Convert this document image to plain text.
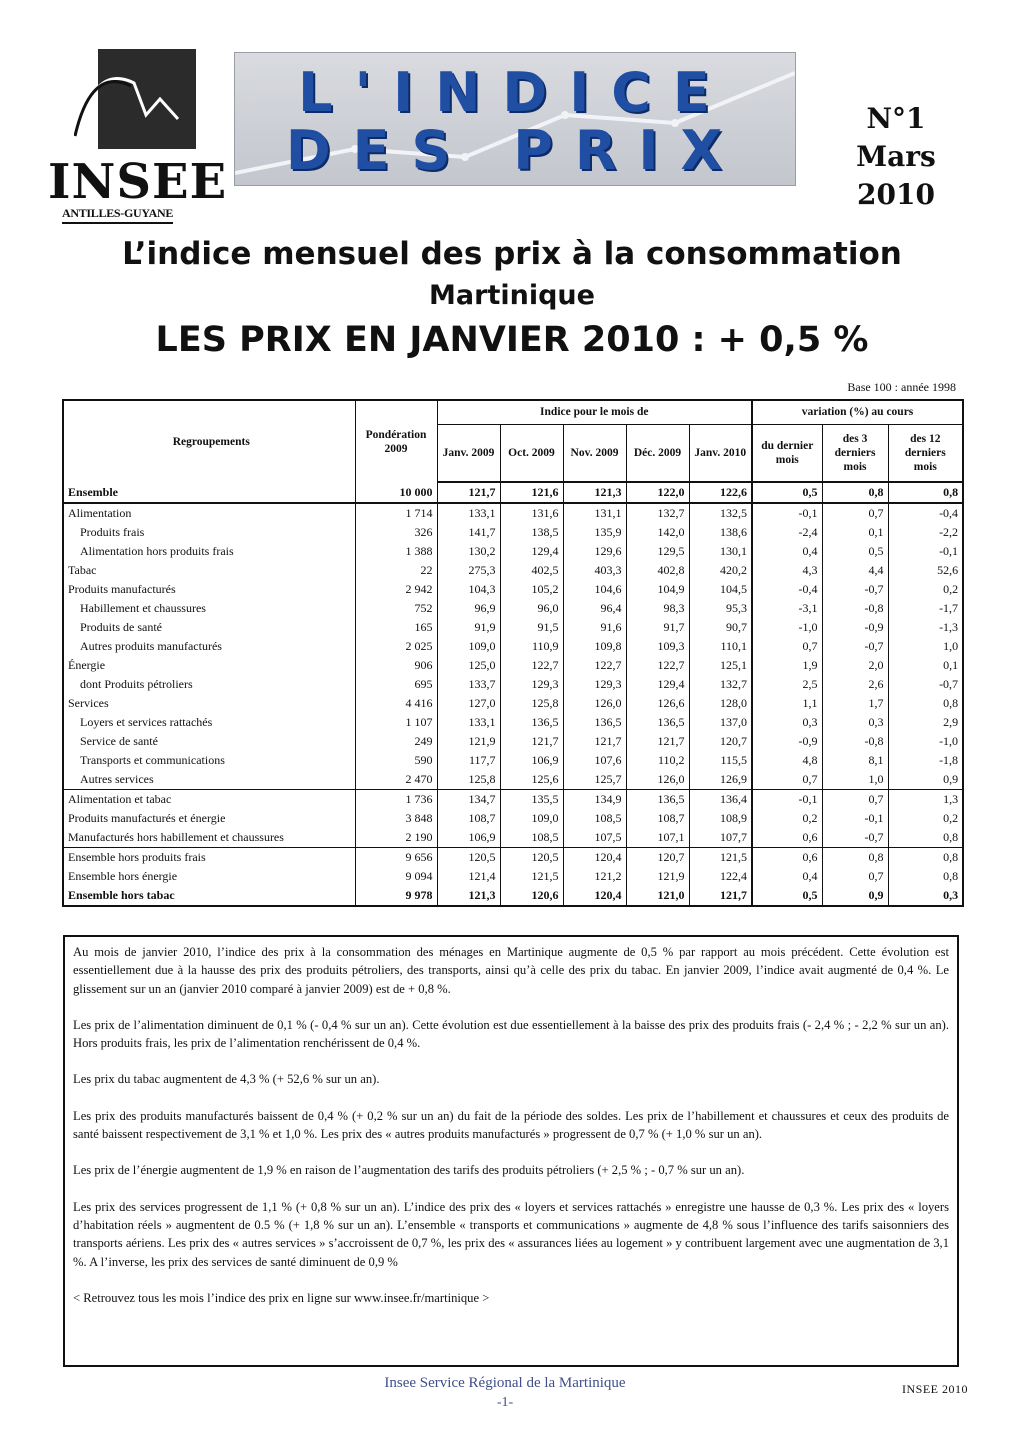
INSEE
ANTILLES-GUYANE
L'INDICE
DES PRIX
N°1
Mars
2010
L’indice mensuel des prix à la consommation
Martinique
LES PRIX EN JANVIER 2010 : + 0,5 %
Base 100 : année 1998
Regroupements	Pondération 2009	Indice pour le mois de					variation (%) au cours		
		Janv. 2009	Oct. 2009	Nov. 2009	Déc. 2009	Janv. 2010	du dernier mois	des 3 derniers mois	des 12 derniers mois
Ensemble	10 000	121,7	121,6	121,3	122,0	122,6	0,5	0,8	0,8
Alimentation	1 714	133,1	131,6	131,1	132,7	132,5	-0,1	0,7	-0,4
Produits frais	326	141,7	138,5	135,9	142,0	138,6	-2,4	0,1	-2,2
Alimentation hors produits frais	1 388	130,2	129,4	129,6	129,5	130,1	0,4	0,5	-0,1
Tabac	22	275,3	402,5	403,3	402,8	420,2	4,3	4,4	52,6
Produits manufacturés	2 942	104,3	105,2	104,6	104,9	104,5	-0,4	-0,7	0,2
Habillement et chaussures	752	96,9	96,0	96,4	98,3	95,3	-3,1	-0,8	-1,7
Produits de santé	165	91,9	91,5	91,6	91,7	90,7	-1,0	-0,9	-1,3
Autres produits manufacturés	2 025	109,0	110,9	109,8	109,3	110,1	0,7	-0,7	1,0
Énergie	906	125,0	122,7	122,7	122,7	125,1	1,9	2,0	0,1
dont Produits pétroliers	695	133,7	129,3	129,3	129,4	132,7	2,5	2,6	-0,7
Services	4 416	127,0	125,8	126,0	126,6	128,0	1,1	1,7	0,8
Loyers et services rattachés	1 107	133,1	136,5	136,5	136,5	137,0	0,3	0,3	2,9
Service de santé	249	121,9	121,7	121,7	121,7	120,7	-0,9	-0,8	-1,0
Transports et communications	590	117,7	106,9	107,6	110,2	115,5	4,8	8,1	-1,8
Autres services	2 470	125,8	125,6	125,7	126,0	126,9	0,7	1,0	0,9
Alimentation et tabac	1 736	134,7	135,5	134,9	136,5	136,4	-0,1	0,7	1,3
Produits manufacturés et énergie	3 848	108,7	109,0	108,5	108,7	108,9	0,2	-0,1	0,2
Manufacturés hors habillement et chaussures	2 190	106,9	108,5	107,5	107,1	107,7	0,6	-0,7	0,8
Ensemble hors produits frais	9 656	120,5	120,5	120,4	120,7	121,5	0,6	0,8	0,8
Ensemble hors énergie	9 094	121,4	121,5	121,2	121,9	122,4	0,4	0,7	0,8
Ensemble hors tabac	9 978	121,3	120,6	120,4	121,0	121,7	0,5	0,9	0,3

Au mois de janvier 2010, l’indice des prix à la consommation des ménages en Martinique augmente de 0,5 % par rapport au mois précédent. Cette évolution est essentiellement due à la hausse des prix des produits pétroliers, des transports, ainsi qu’à celle des prix du tabac. En janvier 2009, l’indice avait augmenté de 0,4 %. Le glissement sur un an (janvier 2010 comparé à janvier 2009) est de + 0,8 %.

Les prix de l’alimentation diminuent de 0,1 % (- 0,4 % sur un an). Cette évolution est due essentiellement à la baisse des prix des produits frais (- 2,4 % ; - 2,2 % sur un an). Hors produits frais, les prix de l’alimentation renchérissent de 0,4 %.

Les prix du tabac augmentent de 4,3 % (+ 52,6 % sur un an).

Les prix des produits manufacturés baissent de 0,4 % (+ 0,2 % sur un an) du fait de la période des soldes. Les prix de l’habillement et chaussures et ceux des produits de santé baissent respectivement de 3,1 % et 1,0 %. Les prix des « autres produits manufacturés » progressent de 0,7 % (+ 1,0 % sur un an).

Les prix de l’énergie augmentent de 1,9 % en raison de l’augmentation des tarifs des produits pétroliers (+ 2,5 % ; - 0,7 % sur un an).

Les prix des services progressent de 1,1 % (+ 0,8 % sur un an). L’indice des prix des « loyers et services rattachés » enregistre une hausse de 0,3 %. Les prix des « loyers d’habitation réels » augmentent de 0.5 % (+ 1,8 % sur un an). L’ensemble « transports et communications » augmente de 4,8 % sous l’influence des tarifs saisonniers des transports aériens. Les prix des « autres services » s’accroissent de 0,7 %, les prix des « assurances liées au logement » y contribuent largement avec une augmentation de 3,1 %. A l’inverse, les prix des services de santé diminuent de 0,9 %

< Retrouvez tous les mois l’indice des prix en ligne sur www.insee.fr/martinique >

Insee Service Régional de la Martinique
-1-
INSEE 2010
